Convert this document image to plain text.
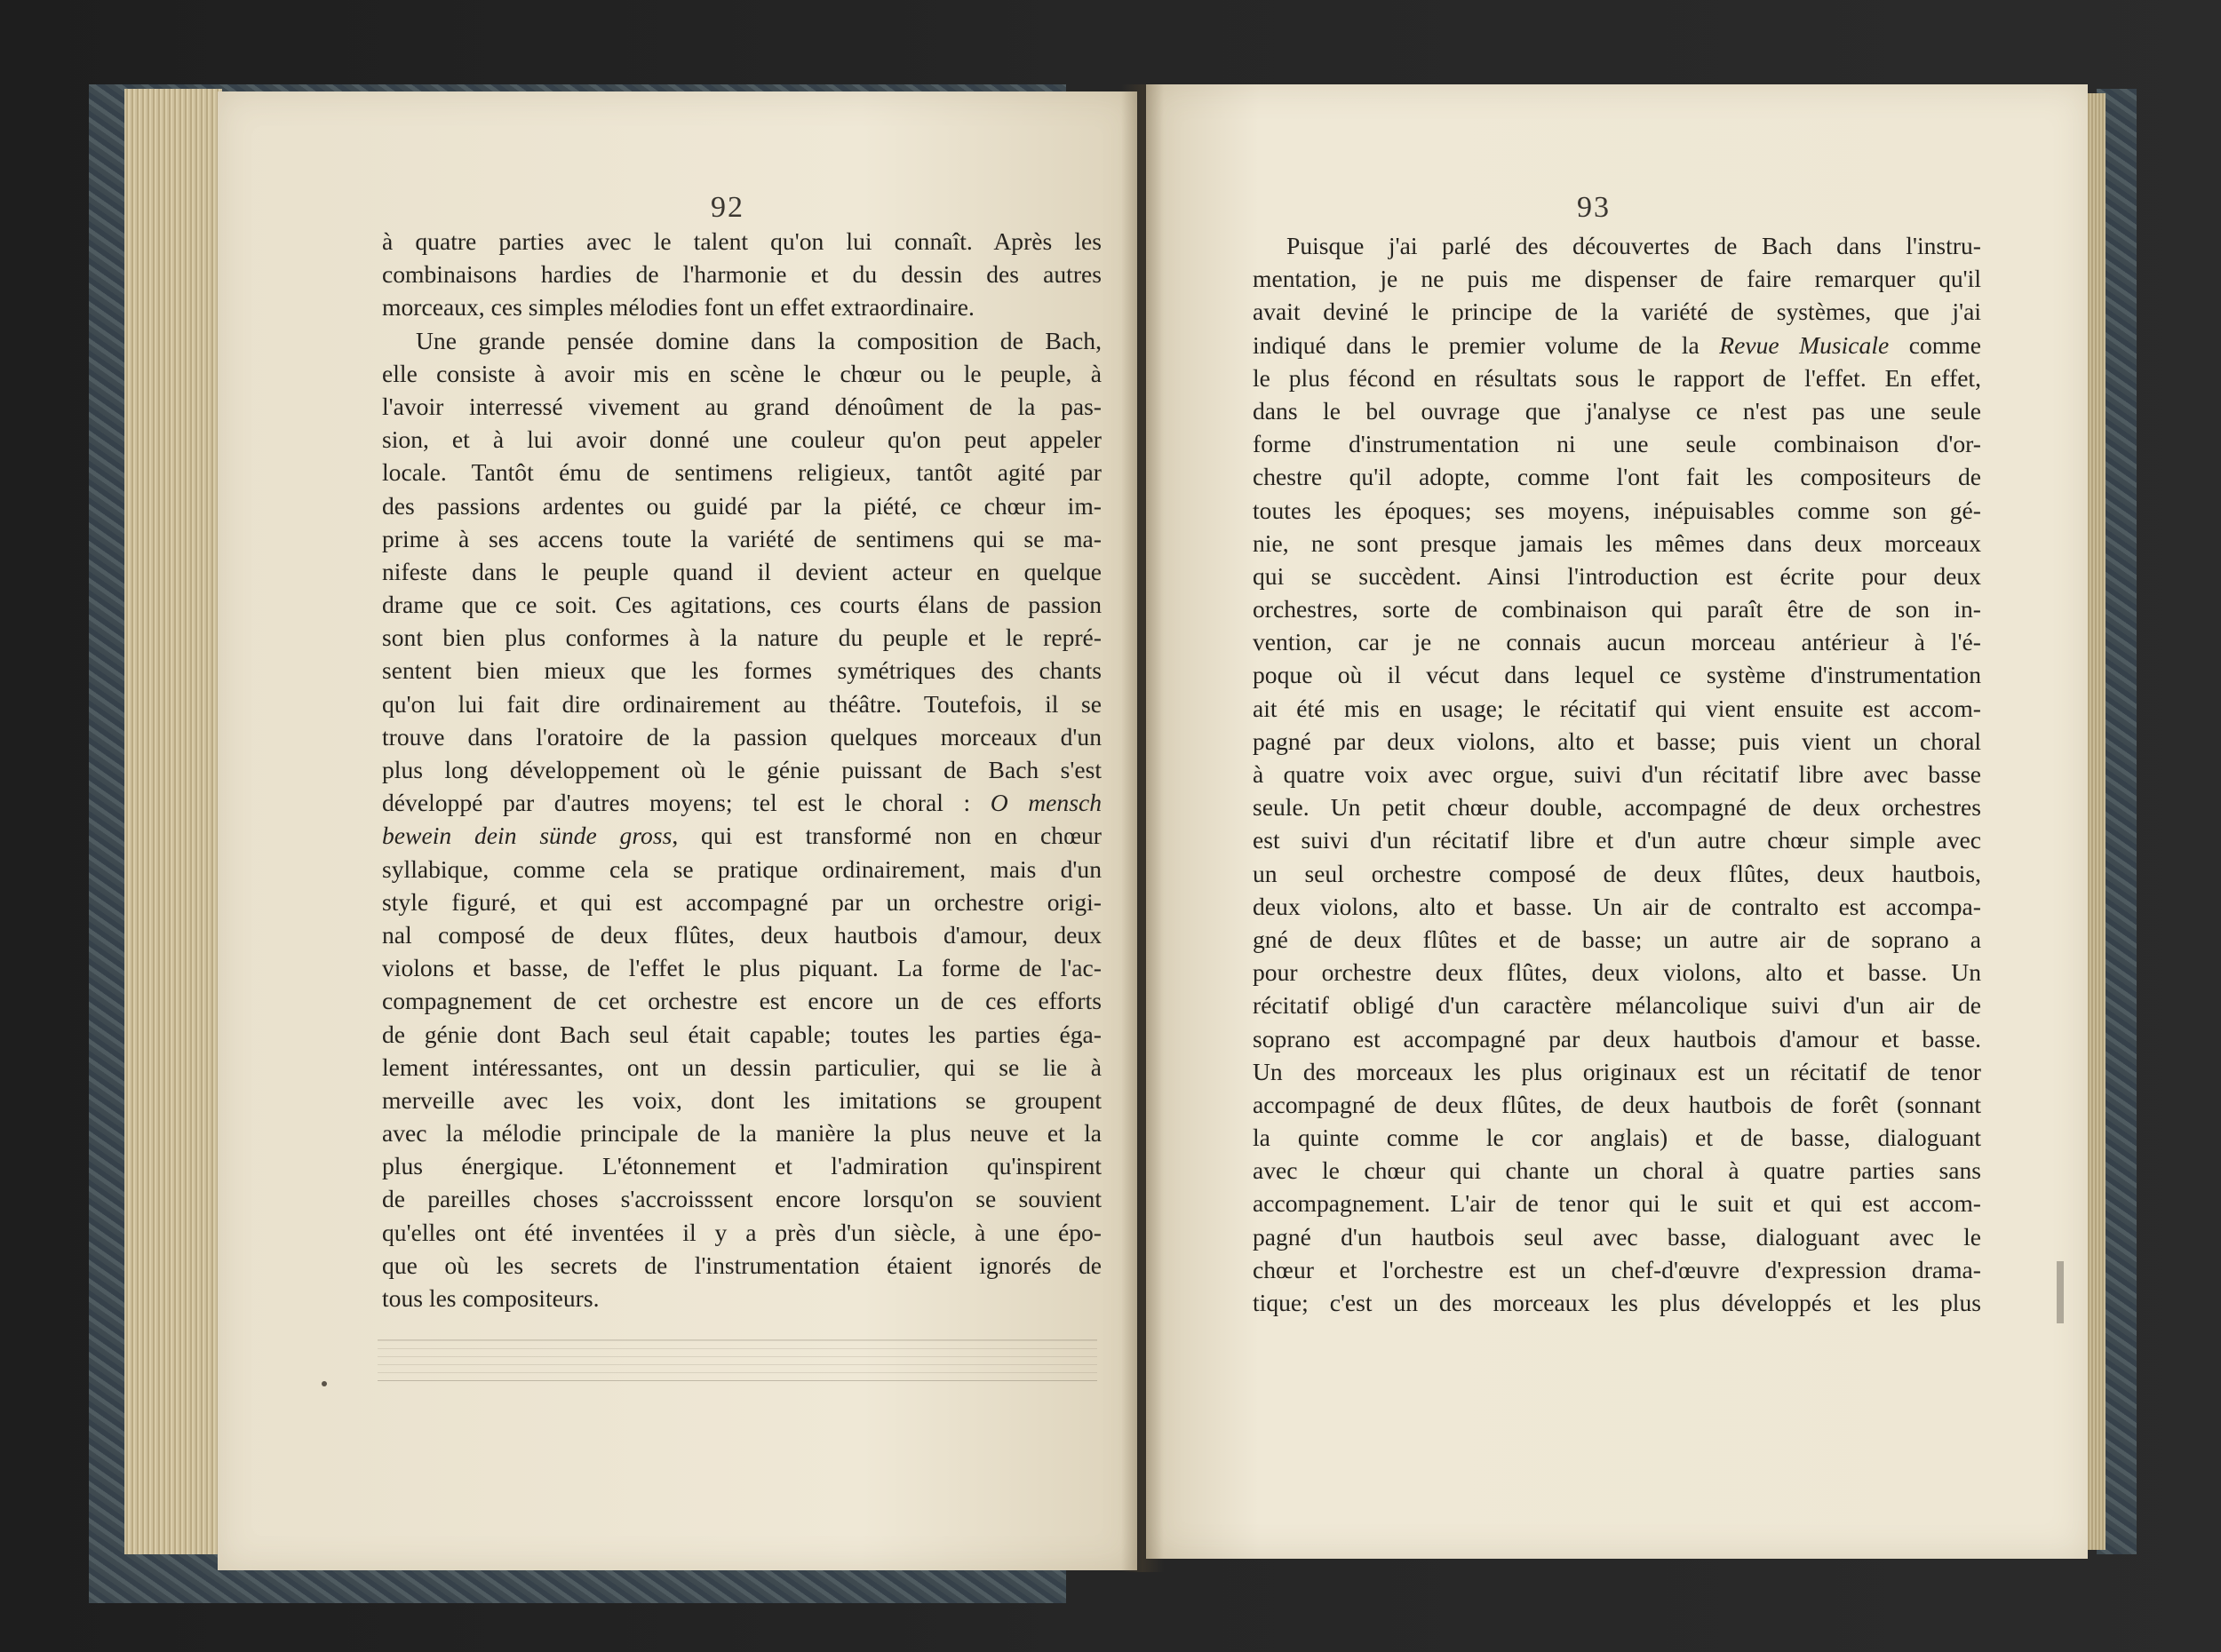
92	93
à quatre parties avec le talent qu'on lui connaît. Après les
combinaisons hardies de l'harmonie et du dessin des autres
morceaux, ces simples mélodies font un effet extraordinaire.
Une grande pensée domine dans la composition de Bach,
elle consiste à avoir mis en scène le chœur ou le peuple, à
l'avoir interressé vivement au grand dénoûment de la pas-
sion, et à lui avoir donné une couleur qu'on peut appeler
locale. Tantôt ému de sentimens religieux, tantôt agité par
des passions ardentes ou guidé par la piété, ce chœur im-
prime à ses accens toute la variété de sentimens qui se ma-
nifeste dans le peuple quand il devient acteur en quelque
drame que ce soit. Ces agitations, ces courts élans de passion
sont bien plus conformes à la nature du peuple et le repré-
sentent bien mieux que les formes symétriques des chants
qu'on lui fait dire ordinairement au théâtre. Toutefois, il se
trouve dans l'oratoire de la passion quelques morceaux d'un
plus long développement où le génie puissant de Bach s'est
développé par d'autres moyens; tel est le choral : O mensch
bewein dein sünde gross, qui est transformé non en chœur
syllabique, comme cela se pratique ordinairement, mais d'un
style figuré, et qui est accompagné par un orchestre origi-
nal composé de deux flûtes, deux hautbois d'amour, deux
violons et basse, de l'effet le plus piquant. La forme de l'ac-
compagnement de cet orchestre est encore un de ces efforts
de génie dont Bach seul était capable; toutes les parties éga-
lement intéressantes, ont un dessin particulier, qui se lie à
merveille avec les voix, dont les imitations se groupent
avec la mélodie principale de la manière la plus neuve et la
plus énergique. L'étonnement et l'admiration qu'inspirent
de pareilles choses s'accroisssent encore lorsqu'on se souvient
qu'elles ont été inventées il y a près d'un siècle, à une épo-
que où les secrets de l'instrumentation étaient ignorés de
tous les compositeurs.
Puisque j'ai parlé des découvertes de Bach dans l'instru-
mentation, je ne puis me dispenser de faire remarquer qu'il
avait deviné le principe de la variété de systèmes, que j'ai
indiqué dans le premier volume de la Revue Musicale comme
le plus fécond en résultats sous le rapport de l'effet. En effet,
dans le bel ouvrage que j'analyse ce n'est pas une seule
forme d'instrumentation ni une seule combinaison d'or-
chestre qu'il adopte, comme l'ont fait les compositeurs de
toutes les époques; ses moyens, inépuisables comme son gé-
nie, ne sont presque jamais les mêmes dans deux morceaux
qui se succèdent. Ainsi l'introduction est écrite pour deux
orchestres, sorte de combinaison qui paraît être de son in-
vention, car je ne connais aucun morceau antérieur à l'é-
poque où il vécut dans lequel ce système d'instrumentation
ait été mis en usage; le récitatif qui vient ensuite est accom-
pagné par deux violons, alto et basse; puis vient un choral
à quatre voix avec orgue, suivi d'un récitatif libre avec basse
seule. Un petit chœur double, accompagné de deux orchestres
est suivi d'un récitatif libre et d'un autre chœur simple avec
un seul orchestre composé de deux flûtes, deux hautbois,
deux violons, alto et basse. Un air de contralto est accompa-
gné de deux flûtes et de basse; un autre air de soprano a
pour orchestre deux flûtes, deux violons, alto et basse. Un
récitatif obligé d'un caractère mélancolique suivi d'un air de
soprano est accompagné par deux hautbois d'amour et basse.
Un des morceaux les plus originaux est un récitatif de tenor
accompagné de deux flûtes, de deux hautbois de forêt (sonnant
la quinte comme le cor anglais) et de basse, dialoguant
avec le chœur qui chante un choral à quatre parties sans
accompagnement. L'air de tenor qui le suit et qui est accom-
pagné d'un hautbois seul avec basse, dialoguant avec le
chœur et l'orchestre est un chef-d'œuvre d'expression drama-
tique; c'est un des morceaux les plus développés et les plus
